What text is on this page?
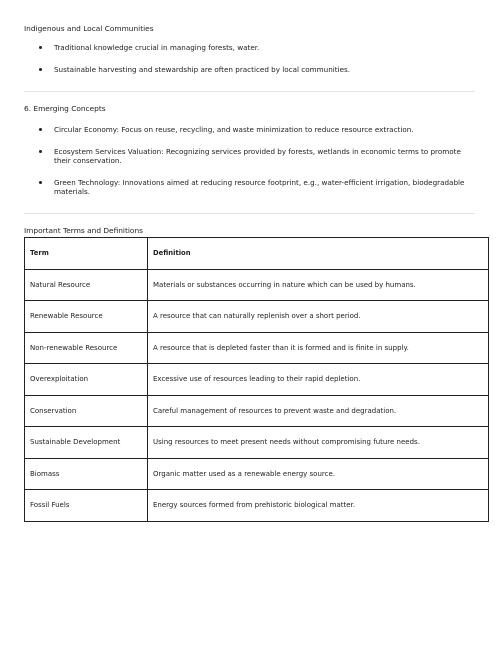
Indigenous and Local Communities
Traditional knowledge crucial in managing forests, water.
Sustainable harvesting and stewardship are often practiced by local communities.
6. Emerging Concepts
Circular Economy: Focus on reuse, recycling, and waste minimization to reduce resource extraction.
Ecosystem Services Valuation: Recognizing services provided by forests, wetlands in economic terms to promote their conservation.
Green Technology: Innovations aimed at reducing resource footprint, e.g., water-efficient irrigation, biodegradable materials.
Important Terms and Definitions
Term	Definition
Natural Resource	Materials or substances occurring in nature which can be used by humans.
Renewable Resource	A resource that can naturally replenish over a short period.
Non-renewable Resource	A resource that is depleted faster than it is formed and is finite in supply.
Overexploitation	Excessive use of resources leading to their rapid depletion.
Conservation	Careful management of resources to prevent waste and degradation.
Sustainable Development	Using resources to meet present needs without compromising future needs.
Biomass	Organic matter used as a renewable energy source.
Fossil Fuels	Energy sources formed from prehistoric biological matter.
